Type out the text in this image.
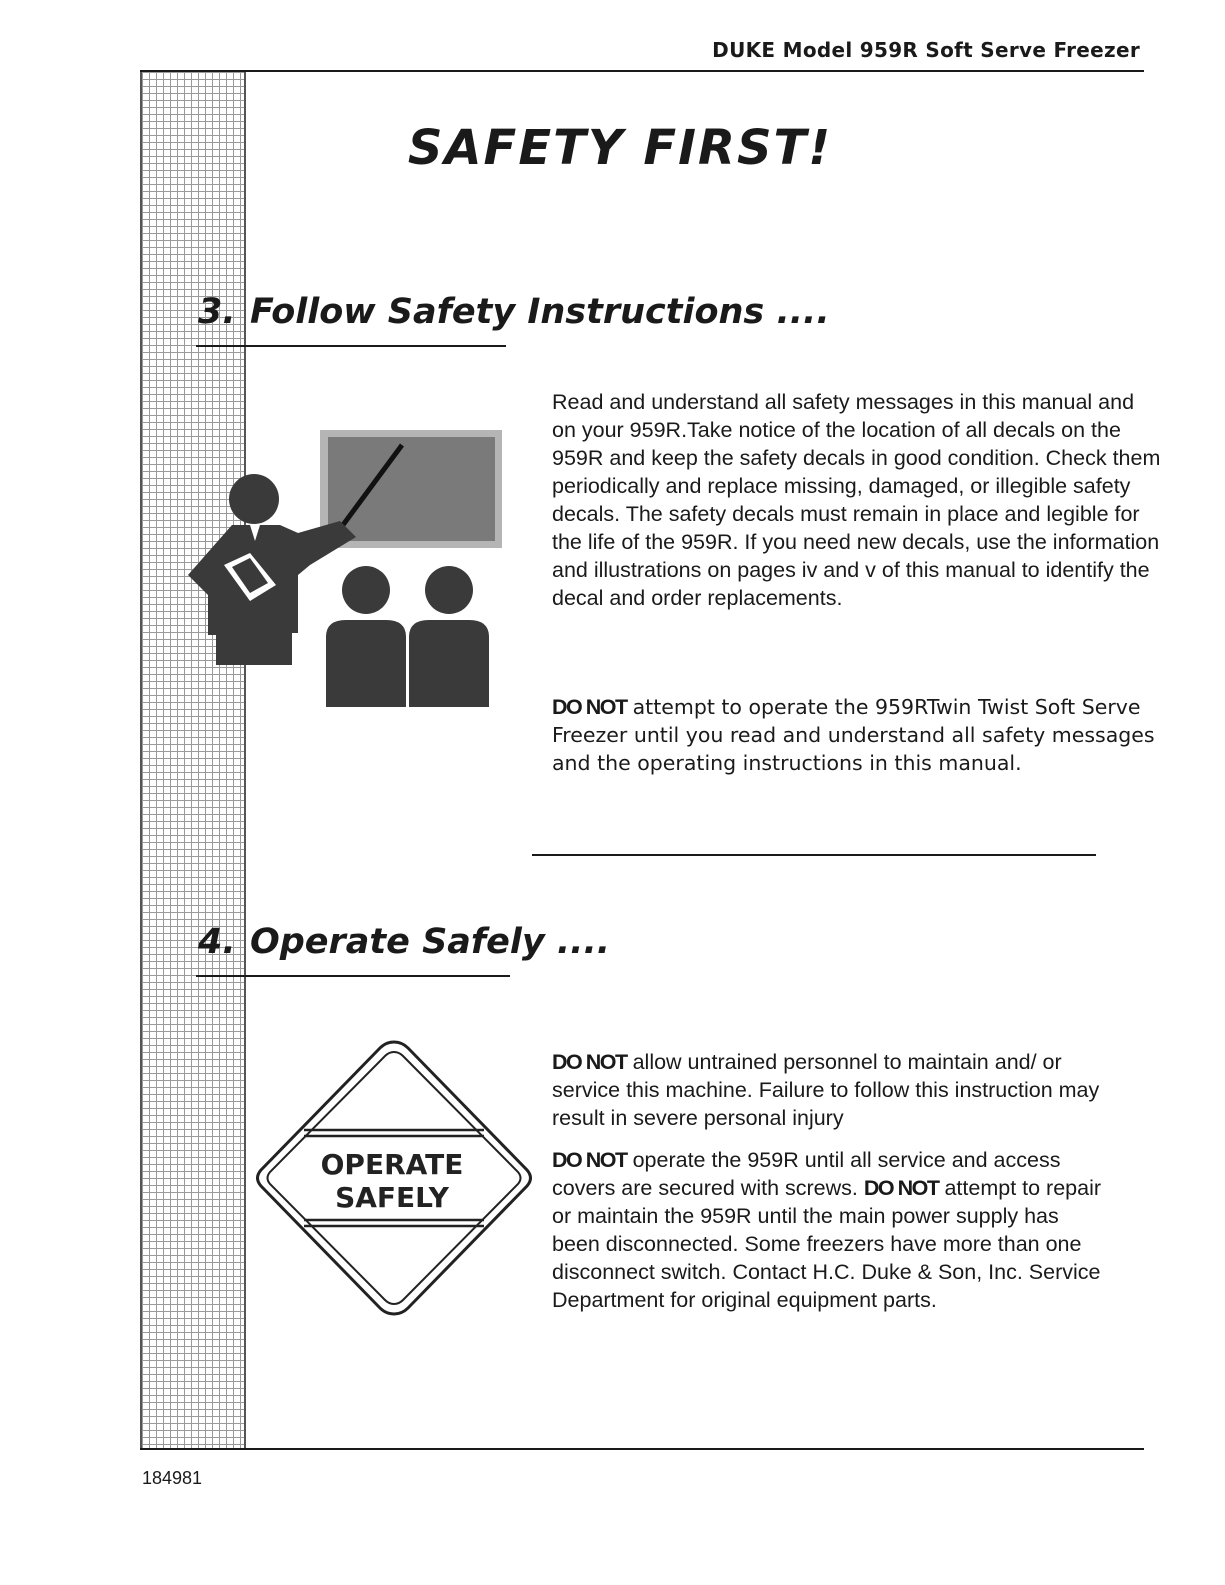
DUKE Model 959R Soft Serve Freezer
SAFETY FIRST!
3. Follow Safety Instructions ....
Read and understand all safety messages in this manual and on your 959R.Take notice of the location of all decals on the 959R and keep the safety decals in good condition. Check them periodically and replace missing, damaged, or illegible safety decals. The safety decals must remain in place and legible for the life of the 959R. If you need new decals, use the information and illustrations on pages iv and v of this manual to identify the decal and order replacements.
DO NOT attempt to operate the 959RTwin Twist Soft Serve Freezer until you read and understand all safety messages and the operating instructions in this manual.
4. Operate Safely ....
OPERATE
SAFELY
DO NOT allow untrained personnel to maintain and/ or service this machine. Failure to follow this instruction may result in severe personal injury
DO NOT operate the 959R until all service and access covers are secured with screws. DO NOT attempt to repair or maintain the 959R until the main power supply has been disconnected. Some freezers have more than one disconnect switch. Contact H.C. Duke & Son, Inc. Service Department for original equipment parts.
184981
